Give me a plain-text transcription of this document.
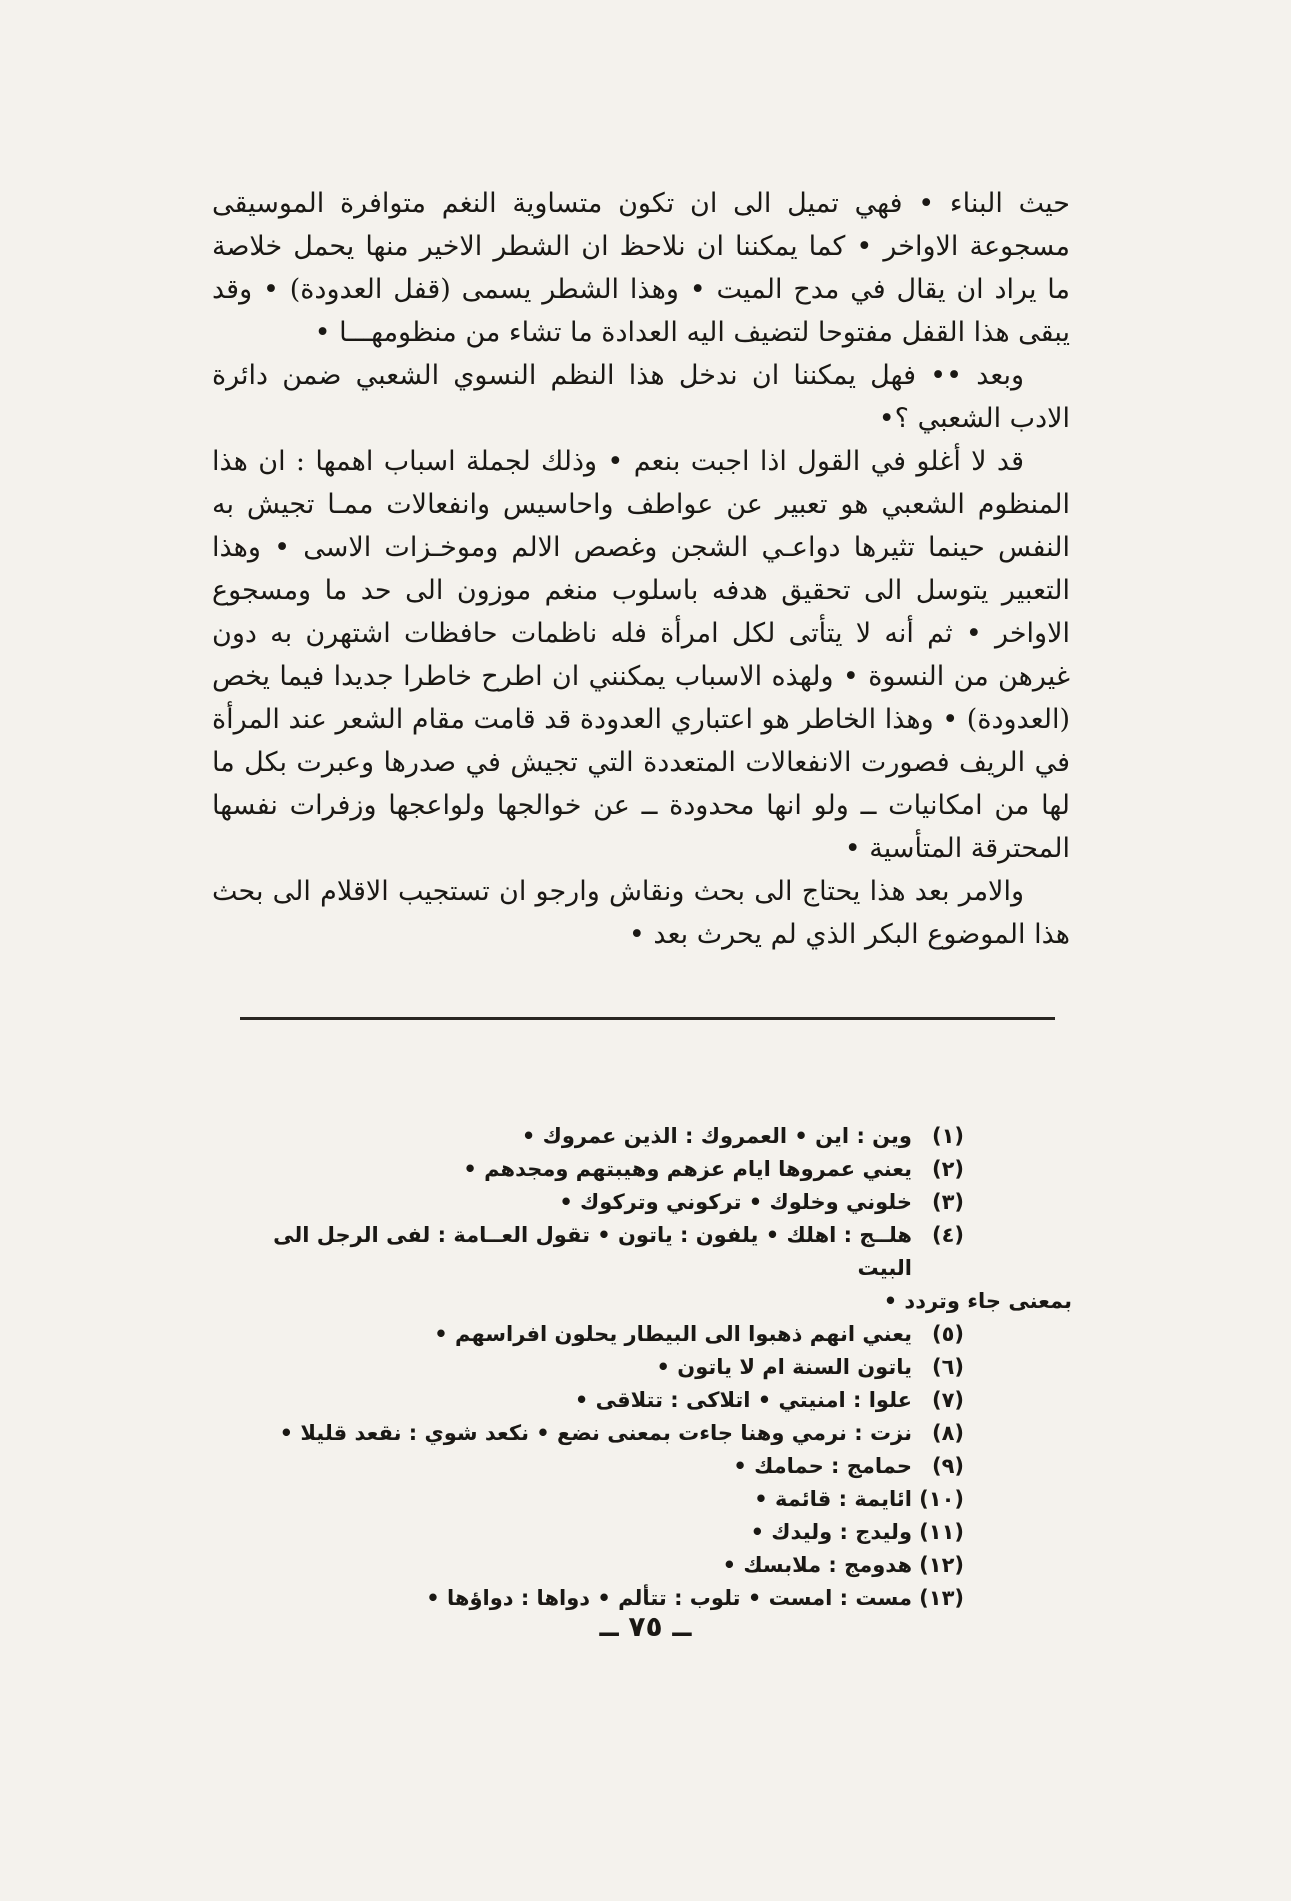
حيث البناء • فهي تميل الى ان تكون متساوية النغم متوافرة الموسيقى مسجوعة الاواخر • كما يمكننا ان نلاحظ ان الشطر الاخير منها يحمل خلاصة ما يراد ان يقال في مدح الميت • وهذا الشطر يسمى (قفل العدودة) • وقد يبقى هذا القفل مفتوحا لتضيف اليه العدادة ما تشاء من منظومهـــا •

وبعد •• فهل يمكننا ان ندخل هذا النظم النسوي الشعبي ضمن دائرة الادب الشعبي ؟•

قد لا أغلو في القول اذا اجبت بنعم • وذلك لجملة اسباب اهمها : ان هذا المنظوم الشعبي هو تعبير عن عواطف واحاسيس وانفعالات ممـا تجيش به النفس حينما تثيرها دواعـي الشجن وغصص الالم وموخـزات الاسى • وهذا التعبير يتوسل الى تحقيق هدفه باسلوب منغم موزون الى حد ما ومسجوع الاواخر • ثم أنه لا يتأتى لكل امرأة فله ناظمات حافظات اشتهرن به دون غيرهن من النسوة • ولهذه الاسباب يمكنني ان اطرح خاطرا جديدا فيما يخص (العدودة) • وهذا الخاطر هو اعتباري العدودة قد قامت مقام الشعر عند المرأة في الريف فصورت الانفعالات المتعددة التي تجيش في صدرها وعبرت بكل ما لها من امكانيات ــ ولو انها محدودة ــ عن خوالجها ولواعجها وزفرات نفسها المحترقة المتأسية •

والامر بعد هذا يحتاج الى بحث ونقاش وارجو ان تستجيب الاقلام الى بحث هذا الموضوع البكر الذي لم يحرث بعد •

(١)
وين : اين • العمروك : الذين عمروك •
(٢)
يعني عمروها ايام عزهم وهيبتهم ومجدهم •
(٣)
خلوني وخلوك • تركوني وتركوك •
(٤)
هلــج : اهلك • يلفون : ياتون • تقول العــامة : لفى الرجل الى البيت
بمعنى جاء وتردد •
(٥)
يعني انهم ذهبوا الى البيطار يحلون افراسهم •
(٦)
ياتون السنة ام لا ياتون •
(٧)
علوا : امنيتي • اتلاكى : تتلاقى •
(٨)
نزت : نرمي وهنا جاءت بمعنى نضع • نكعد شوي : نقعد قليلا •
(٩)
حمامج : حمامك •
(١٠)
ائايمة : قائمة •
(١١)
وليدج : وليدك •
(١٢)
هدومج : ملابسك •
(١٣)
مست : امست • تلوب : تتألم • دواها : دواؤها •
ــ ٧٥ ــ
